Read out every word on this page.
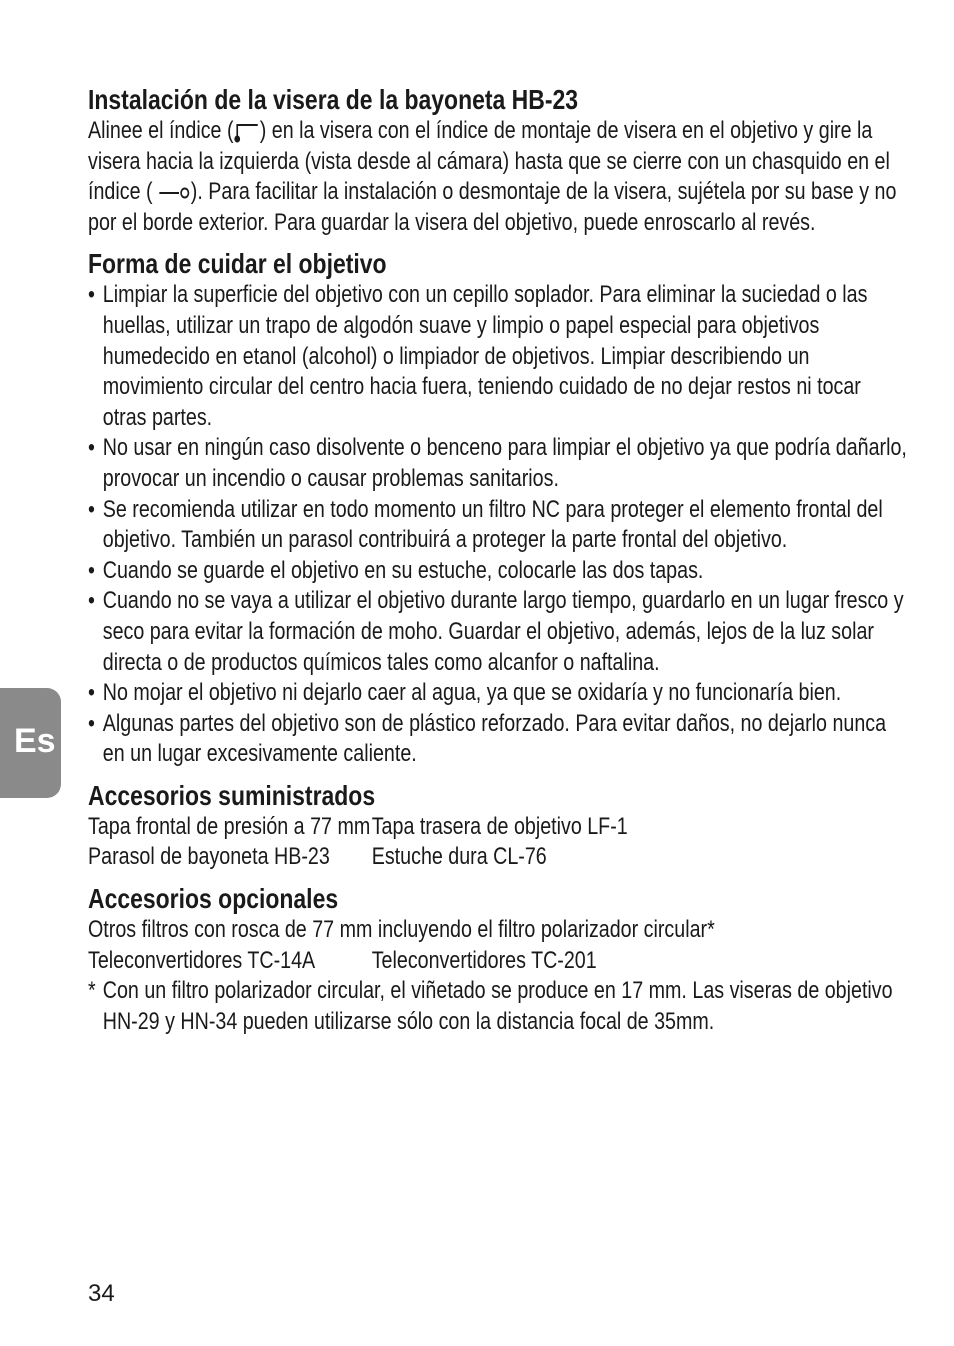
Es
Instalación de la visera de la bayoneta HB-23

Alinee el índice ( ) en la visera con el índice de montaje de visera en el objetivo y gire la visera hacia la izquierda (vista desde al cámara) hasta que se cierre con un chasquido en el índice ( ). Para facilitar la instalación o desmontaje de la visera, sujétela por su base y no por el borde exterior. Para guardar la visera del objetivo, puede enroscarlo al revés.

Forma de cuidar el objetivo
• Limpiar la superficie del objetivo con un cepillo soplador. Para eliminar la suciedad o las huellas, utilizar un trapo de algodón suave y limpio o papel especial para objetivos humedecido en etanol (alcohol) o limpiador de objetivos. Limpiar describiendo un movimiento circular del centro hacia fuera, teniendo cuidado de no dejar restos ni tocar otras partes.
• No usar en ningún caso disolvente o benceno para limpiar el objetivo ya que podría dañarlo, provocar un incendio o causar problemas sanitarios.
• Se recomienda utilizar en todo momento un filtro NC para proteger el elemento frontal del objetivo. También un parasol contribuirá a proteger la parte frontal del objetivo.
• Cuando se guarde el objetivo en su estuche, colocarle las dos tapas.
• Cuando no se vaya a utilizar el objetivo durante largo tiempo, guardarlo en un lugar fresco y seco para evitar la formación de moho. Guardar el objetivo, además, lejos de la luz solar directa o de productos químicos tales como alcanfor o naftalina.
• No mojar el objetivo ni dejarlo caer al agua, ya que se oxidaría y no funcionaría bien.
• Algunas partes del objetivo son de plástico reforzado. Para evitar daños, no dejarlo nunca en un lugar excesivamente caliente.
Accesorios suministrados
Tapa frontal de presión a 77 mm Tapa trasera de objetivo LF-1
Parasol de bayoneta HB-23	Estuche dura CL-76
Accesorios opcionales

Otros filtros con rosca de 77 mm incluyendo el filtro polarizador circular*

Teleconvertidores TC-14A	Teleconvertidores TC-201
* Con un filtro polarizador circular, el viñetado se produce en 17 mm. Las viseras de objetivo HN-29 y HN-34 pueden utilizarse sólo con la distancia focal de 35mm.
34
